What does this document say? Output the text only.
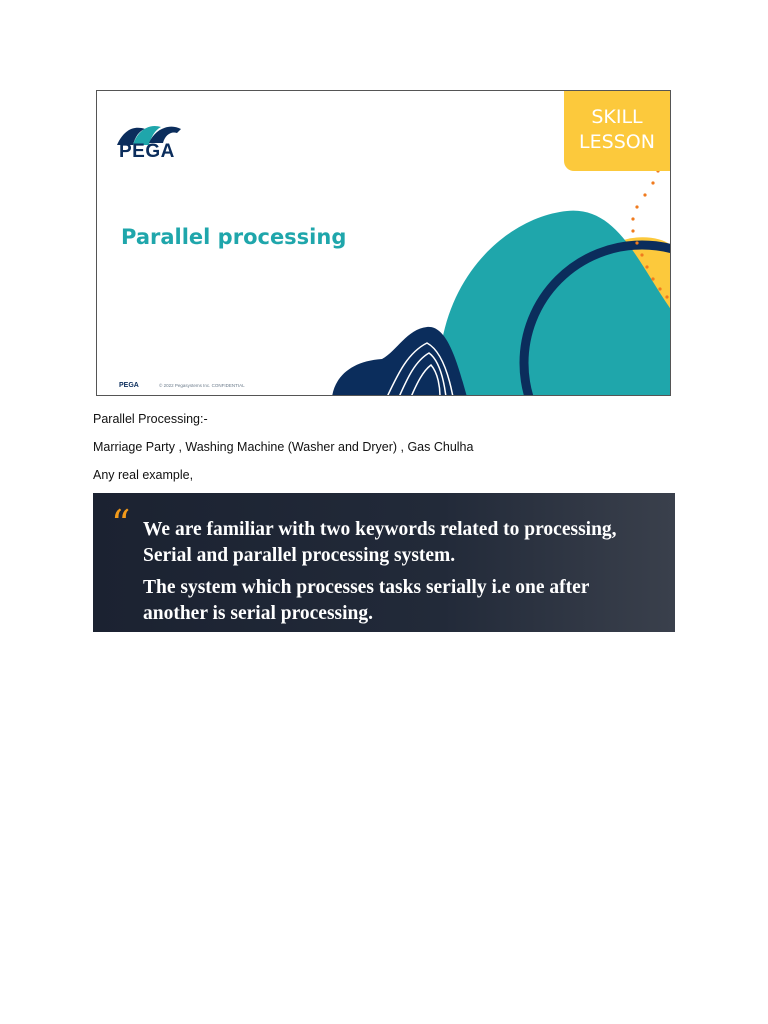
PEGA
Parallel processing
SKILL
LESSON
PEGA	© 2022 Pegasystems Inc. CONFIDENTIAL
Parallel Processing:-
Marriage Party , Washing Machine (Washer and Dryer) , Gas Chulha
Any real example,
“ We are familiar with two keywords related to processing,
Serial and parallel processing system.
The system which processes tasks serially i.e one after
another is serial processing.
